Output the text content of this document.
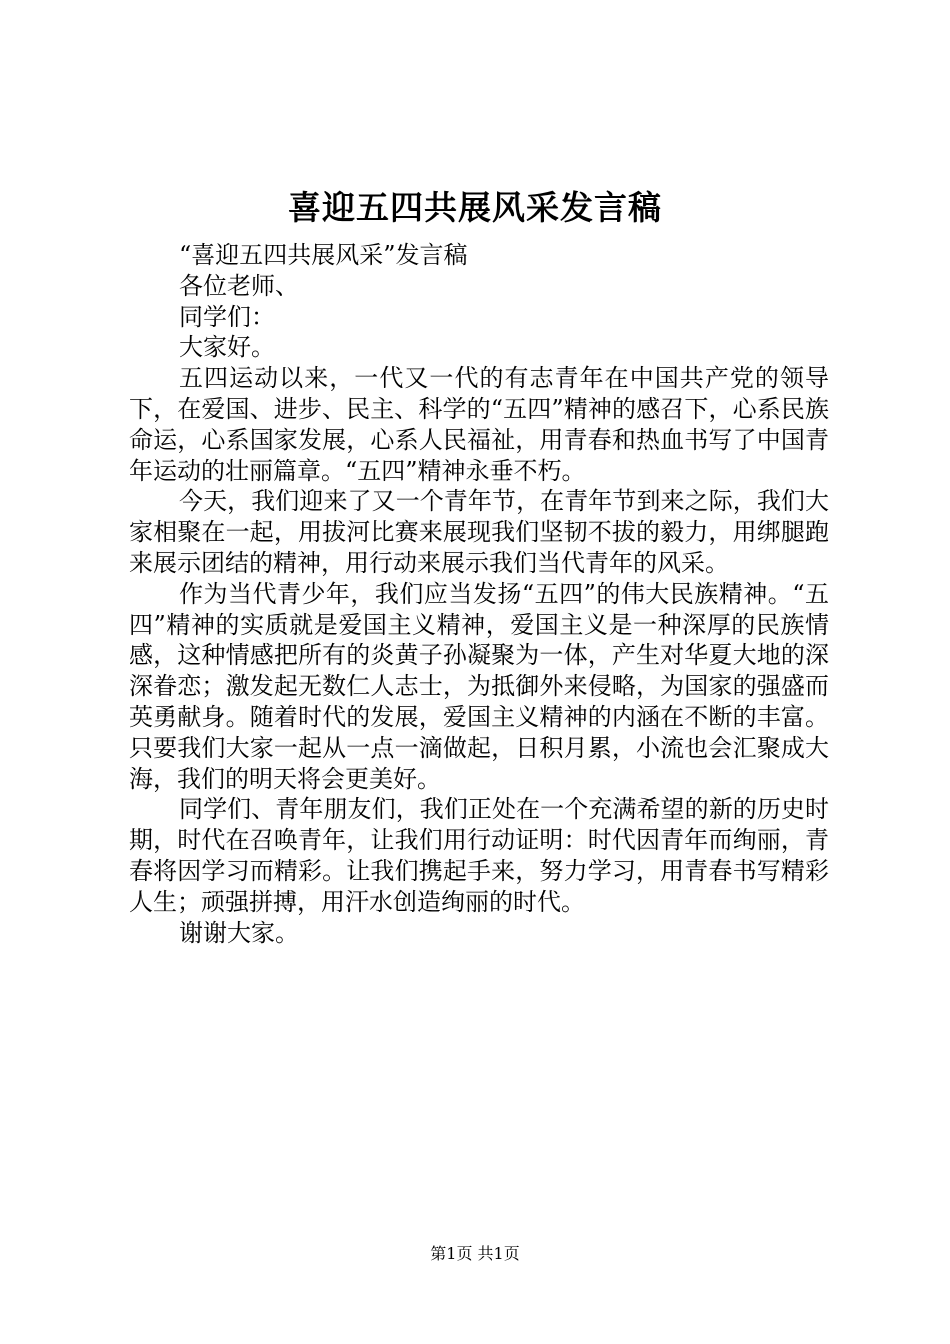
喜迎五四共展风采发言稿

“喜迎五四共展风采”发言稿

各位老师、

同学们：

大家好。

五四运动以来，一代又一代的有志青年在中国共产党的领导下，在爱国、进步、民主、科学的“五四”精神的感召下，心系民族命运，心系国家发展，心系人民福祉，用青春和热血书写了中国青年运动的壮丽篇章。“五四”精神永垂不朽。

今天，我们迎来了又一个青年节，在青年节到来之际，我们大家相聚在一起，用拔河比赛来展现我们坚韧不拔的毅力，用绑腿跑来展示团结的精神，用行动来展示我们当代青年的风采。

作为当代青少年，我们应当发扬“五四”的伟大民族精神。“五四”精神的实质就是爱国主义精神，爱国主义是一种深厚的民族情感，这种情感把所有的炎黄子孙凝聚为一体，产生对华夏大地的深深眷恋；激发起无数仁人志士，为抵御外来侵略，为国家的强盛而英勇献身。随着时代的发展，爱国主义精神的内涵在不断的丰富。只要我们大家一起从一点一滴做起，日积月累，小流也会汇聚成大海，我们的明天将会更美好。

同学们、青年朋友们，我们正处在一个充满希望的新的历史时期，时代在召唤青年，让我们用行动证明：时代因青年而绚丽，青春将因学习而精彩。让我们携起手来，努力学习，用青春书写精彩人生；顽强拼搏，用汗水创造绚丽的时代。

谢谢大家。

第1页 共1页
